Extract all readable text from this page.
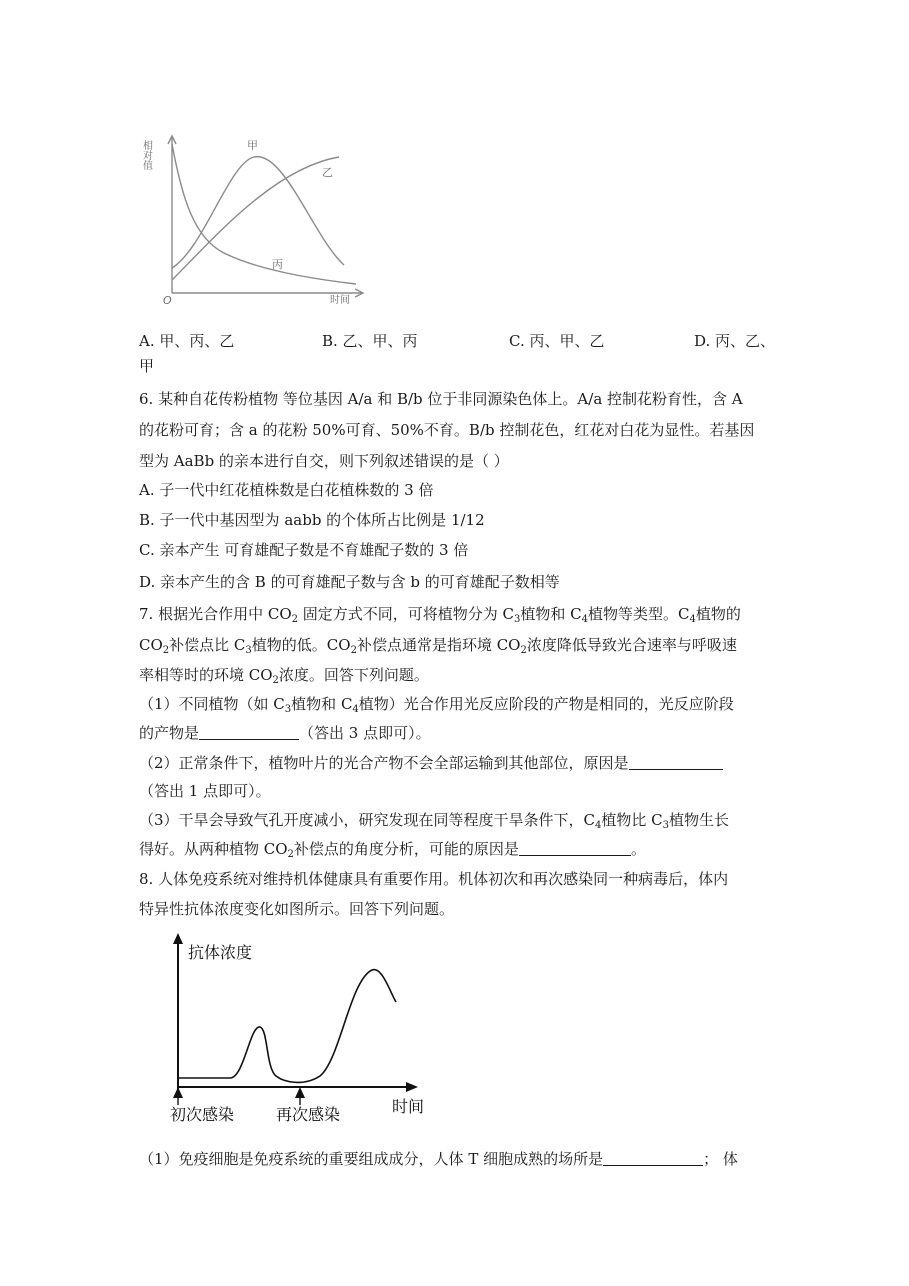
相对值
O	时间
甲
乙
丙
A. 甲、丙、乙	B. 乙、甲、丙	C. 丙、甲、乙	D. 丙、乙、
甲
6. 某种自花传粉植物 等位基因 A/a 和 B/b 位于非同源染色体上。A/a 控制花粉育性，含 A
的花粉可育；含 a 的花粉 50%可育、50%不育。B/b 控制花色，红花对白花为显性。若基因
型为 AaBb 的亲本进行自交，则下列叙述错误的是（ ）
A. 子一代中红花植株数是白花植株数的 3 倍
B. 子一代中基因型为 aabb 的个体所占比例是 1/12
C. 亲本产生 可育雄配子数是不育雄配子数的 3 倍
D. 亲本产生的含 B 的可育雄配子数与含 b 的可育雄配子数相等
7. 根据光合作用中 $CO_2$ 固定方式不同，可将植物分为 $C_3$植物和 $C_4$植物等类型。$C_4$植物的
$CO_2$补偿点比 $C_3$植物的低。$CO_2$补偿点通常是指环境 $CO_2$浓度降低导致光合速率与呼吸速
率相等时的环境 $CO_2$浓度。回答下列问题。
（1）不同植物（如 $C_3$植物和 $C_4$植物）光合作用光反应阶段的产物是相同的，光反应阶段
的产物是	（答出 3 点即可）。
（2）正常条件下，植物叶片的光合产物不会全部运输到其他部位，原因是
（答出 1 点即可）。
（3）干旱会导致气孔开度减小，研究发现在同等程度干旱条件下，$C_4$植物比 $C_3$植物生长
得好。从两种植物 $CO_2$补偿点的角度分析，可能的原因是	。
8. 人体免疫系统对维持机体健康具有重要作用。机体初次和再次感染同一种病毒后，体内
特异性抗体浓度变化如图所示。回答下列问题。
抗体浓度
时间
初次感染	再次感染
（1）免疫细胞是免疫系统的重要组成成分，人体 T 细胞成熟的场所是	； 体
